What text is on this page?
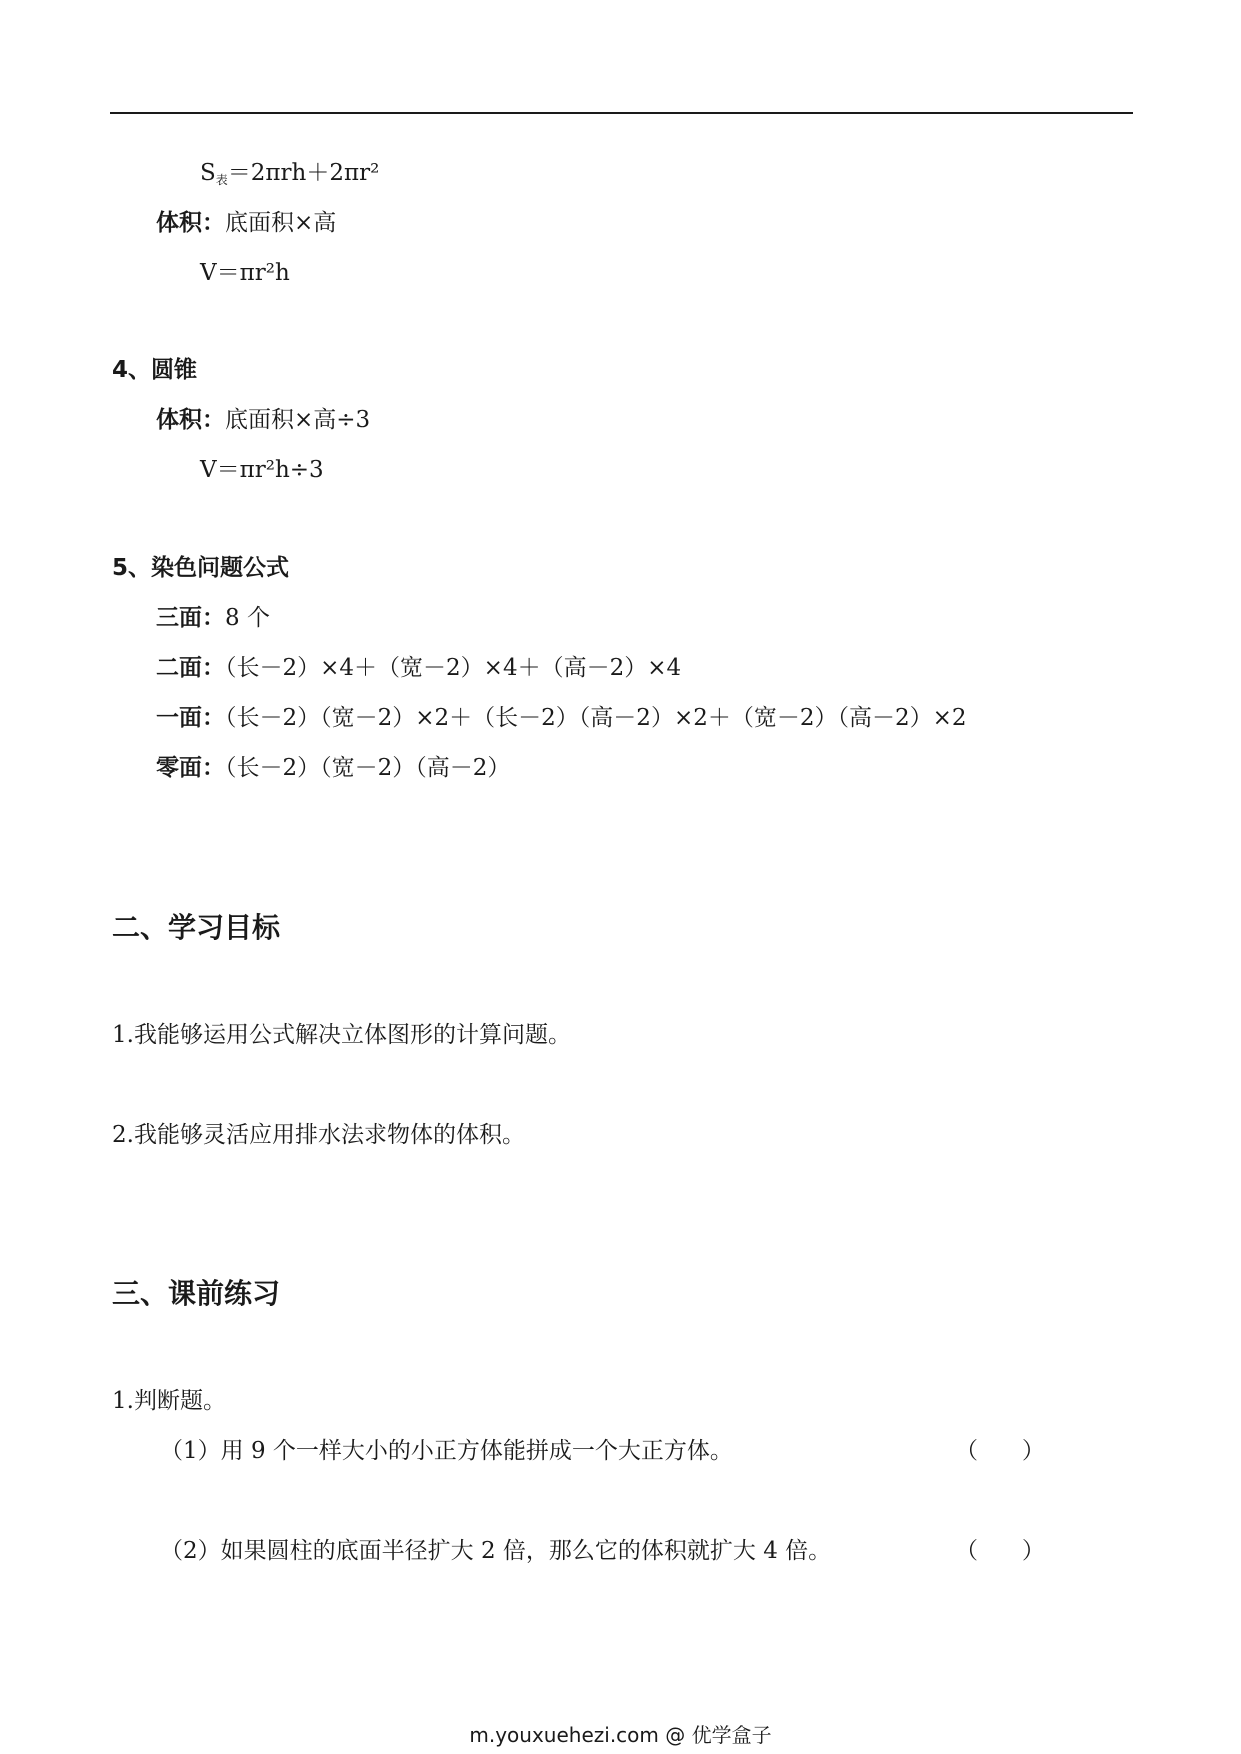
$S_表=2\pi rh+2\pi r^2$
体积：底面积×高
V＝πr²h
4、圆锥
体积：底面积×高÷3
V＝πr²h÷3
5、染色问题公式
三面：8 个
二面：（长－2）×4＋（宽－2）×4＋（高－2）×4
一面：（长－2）（宽－2）×2＋（长－2）（高－2）×2＋（宽－2）（高－2）×2
零面：（长－2）（宽－2）（高－2）
二、学习目标
1.我能够运用公式解决立体图形的计算问题。
2.我能够灵活应用排水法求物体的体积。
三、课前练习
1.判断题。
（1）用 9 个一样大小的小正方体能拼成一个大正方体。	（      ）
（2）如果圆柱的底面半径扩大 2 倍，那么它的体积就扩大 4 倍。	（      ）
m.youxuehezi.com @ 优学盒子
